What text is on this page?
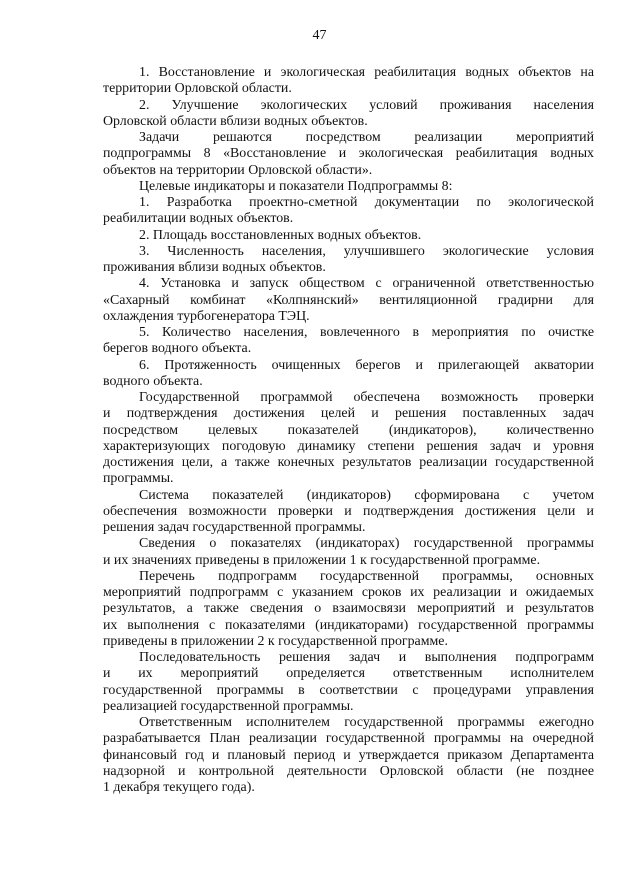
47

1. Восстановление и экологическая реабилитация водных объектов на
территории Орловской области.

2. Улучшение экологических условий проживания населения
Орловской области вблизи водных объектов.

Задачи решаются посредством реализации мероприятий
подпрограммы 8 «Восстановление и экологическая реабилитация водных
объектов на территории Орловской области».

Целевые индикаторы и показатели Подпрограммы 8:

1. Разработка проектно-сметной документации по экологической
реабилитации водных объектов.

2. Площадь восстановленных водных объектов.

3. Численность населения, улучшившего экологические условия
проживания вблизи водных объектов.

4. Установка и запуск обществом с ограниченной ответственностью
«Сахарный комбинат «Колпнянский» вентиляционной градирни для
охлаждения турбогенератора ТЭЦ.

5. Количество населения, вовлеченного в мероприятия по очистке
берегов водного объекта.

6. Протяженность очищенных берегов и прилегающей акватории
водного объекта.

Государственной программой обеспечена возможность проверки
и подтверждения достижения целей и решения поставленных задач
посредством целевых показателей (индикаторов), количественно
характеризующих погодовую динамику степени решения задач и уровня
достижения цели, а также конечных результатов реализации государственной
программы.

Система показателей (индикаторов) сформирована с учетом
обеспечения возможности проверки и подтверждения достижения цели и
решения задач государственной программы.

Сведения о показателях (индикаторах) государственной программы
и их значениях приведены в приложении 1 к государственной программе.

Перечень подпрограмм государственной программы, основных
мероприятий подпрограмм с указанием сроков их реализации и ожидаемых
результатов, а также сведения о взаимосвязи мероприятий и результатов
их выполнения с показателями (индикаторами) государственной программы
приведены в приложении 2 к государственной программе.

Последовательность решения задач и выполнения подпрограмм
и их мероприятий определяется ответственным исполнителем
государственной программы в соответствии с процедурами управления
реализацией государственной программы.

Ответственным исполнителем государственной программы ежегодно
разрабатывается План реализации государственной программы на очередной
финансовый год и плановый период и утверждается приказом Департамента
надзорной и контрольной деятельности Орловской области (не позднее
1 декабря текущего года).
